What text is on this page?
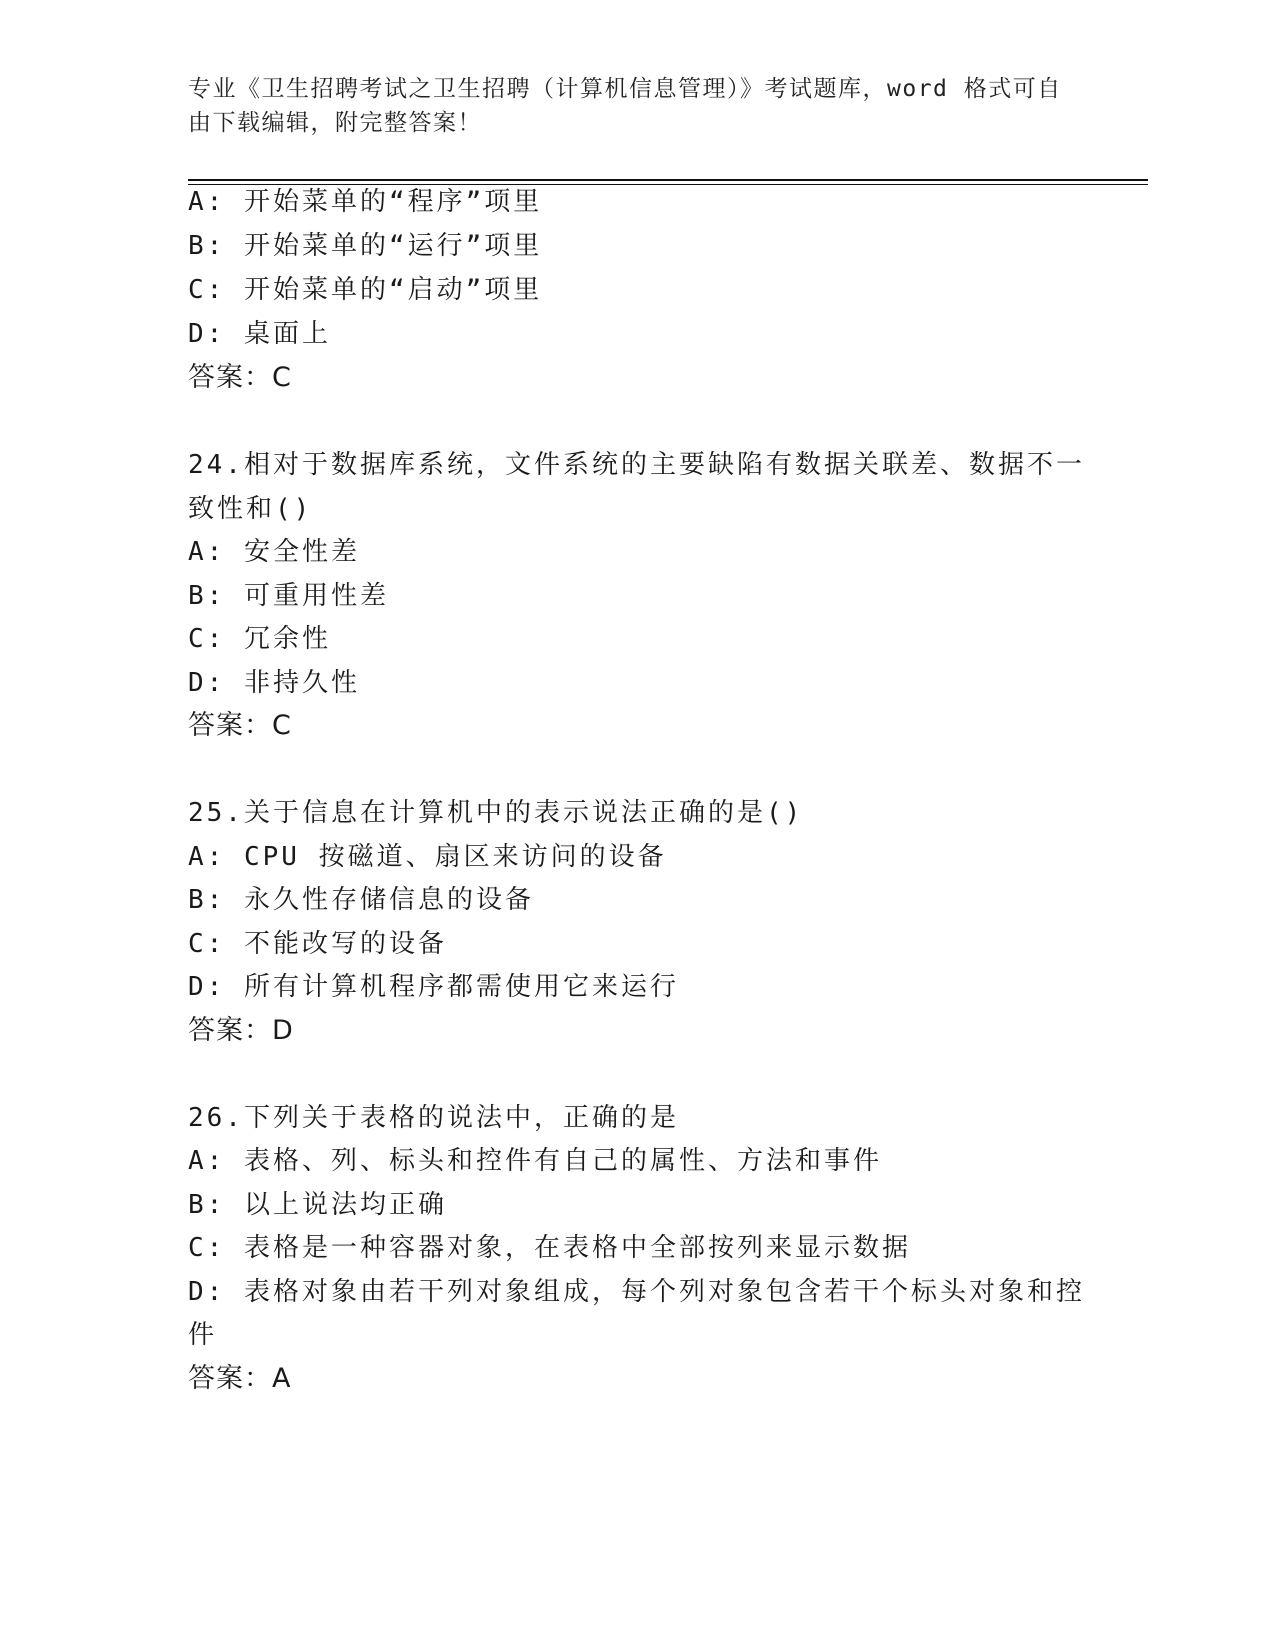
专业《卫生招聘考试之卫生招聘（计算机信息管理）》考试题库，word 格式可自
由下载编辑，附完整答案！
A: 开始菜单的“程序”项里
B: 开始菜单的“运行”项里
C: 开始菜单的“启动”项里
D: 桌面上
答案：C
24.相对于数据库系统，文件系统的主要缺陷有数据关联差、数据不一
致性和()
A: 安全性差
B: 可重用性差
C: 冗余性
D: 非持久性
答案：C
25.关于信息在计算机中的表示说法正确的是()
A: CPU 按磁道、扇区来访问的设备
B: 永久性存储信息的设备
C: 不能改写的设备
D: 所有计算机程序都需使用它来运行
答案：D
26.下列关于表格的说法中，正确的是
A: 表格、列、标头和控件有自己的属性、方法和事件
B: 以上说法均正确
C: 表格是一种容器对象，在表格中全部按列来显示数据
D: 表格对象由若干列对象组成，每个列对象包含若干个标头对象和控
件
答案：A
